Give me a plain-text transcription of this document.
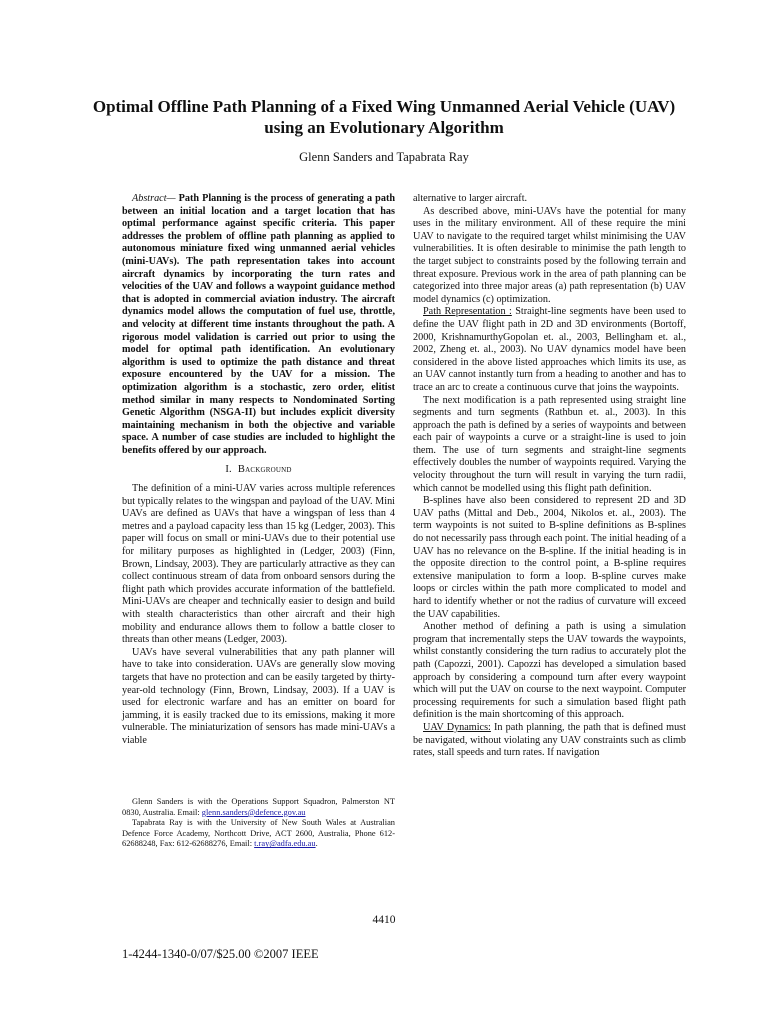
Optimal Offline Path Planning of a Fixed Wing Unmanned Aerial Vehicle (UAV) using an Evolutionary Algorithm
Glenn Sanders and Tapabrata Ray

Abstract— Path Planning is the process of generating a path between an initial location and a target location that has optimal performance against specific criteria. This paper addresses the problem of offline path planning as applied to autonomous miniature fixed wing unmanned aerial vehicles (mini-UAVs). The path representation takes into account aircraft dynamics by incorporating the turn rates and velocities of the UAV and follows a waypoint guidance method that is adopted in commercial aviation industry. The aircraft dynamics model allows the computation of fuel use, throttle, and velocity at different time instants throughout the path. A rigorous model validation is carried out prior to using the model for optimal path identification. An evolutionary algorithm is used to optimize the path distance and threat exposure encountered by the UAV for a mission. The optimization algorithm is a stochastic, zero order, elitist method similar in many respects to Nondominated Sorting Genetic Algorithm (NSGA-II) but includes explicit diversity maintaining mechanism in both the objective and variable space. A number of case studies are included to highlight the benefits offered by our approach.

I. Background

The definition of a mini-UAV varies across multiple references but typically relates to the wingspan and payload of the UAV. Mini UAVs are defined as UAVs that have a wingspan of less than 4 metres and a payload capacity less than 15 kg (Ledger, 2003). This paper will focus on small or mini-UAVs due to their potential use for military purposes as highlighted in (Ledger, 2003) (Finn, Brown, Lindsay, 2003). They are particularly attractive as they can collect continuous stream of data from onboard sensors during the flight path which provides accurate information of the battlefield. Mini-UAVs are cheaper and technically easier to design and build with stealth characteristics than other aircraft and their high mobility and endurance allows them to follow a battle closer to threats than other means (Ledger, 2003).

UAVs have several vulnerabilities that any path planner will have to take into consideration. UAVs are generally slow moving targets that have no protection and can be easily targeted by thirty-year-old technology (Finn, Brown, Lindsay, 2003). If a UAV is used for electronic warfare and has an emitter on board for jamming, it is easily tracked due to its emissions, making it more vulnerable. The miniaturization of sensors has made mini-UAVs a viable

Glenn Sanders is with the Operations Support Squadron, Palmerston NT 0830, Australia. Email: glenn.sanders@defence.gov.au

Tapabrata Ray is with the University of New South Wales at Australian Defence Force Academy, Northcott Drive, ACT 2600, Australia, Phone 612-62688248, Fax: 612-62688276, Email: t.ray@adfa.edu.au.

alternative to larger aircraft.

As described above, mini-UAVs have the potential for many uses in the military environment. All of these require the mini UAV to navigate to the required target whilst minimising the UAV vulnerabilities. It is often desirable to minimise the path length to the target subject to constraints posed by the following terrain and threat exposure. Previous work in the area of path planning can be categorized into three major areas (a) path representation (b) UAV model dynamics (c) optimization.

Path Representation : Straight-line segments have been used to define the UAV flight path in 2D and 3D environments (Bortoff, 2000, KrishnamurthyGopolan et. al., 2003, Bellingham et. al., 2002, Zheng et. al., 2003). No UAV dynamics model have been considered in the above listed approaches which limits its use, as an UAV cannot instantly turn from a heading to another and has to trace an arc to create a continuous curve that joins the waypoints.

The next modification is a path represented using straight line segments and turn segments (Rathbun et. al., 2003). In this approach the path is defined by a series of waypoints and between each pair of waypoints a curve or a straight-line is used to join them. The use of turn segments and straight-line segments effectively doubles the number of waypoints required. Varying the velocity throughout the turn will result in varying the turn radii, which cannot be modelled using this flight path definition.

B-splines have also been considered to represent 2D and 3D UAV paths (Mittal and Deb., 2004, Nikolos et. al., 2003). The term waypoints is not suited to B-spline definitions as B-splines do not necessarily pass through each point. The initial heading of a UAV has no relevance on the B-spline. If the initial heading is in the opposite direction to the control point, a B-spline requires extensive manipulation to form a loop. B-spline curves make loops or circles within the path more complicated to model and hard to identify whether or not the radius of curvature will exceed the UAV capabilities.

Another method of defining a path is using a simulation program that incrementally steps the UAV towards the waypoints, whilst constantly considering the turn radius to accurately plot the path (Capozzi, 2001). Capozzi has developed a simulation based approach by considering a compound turn after every waypoint which will put the UAV on course to the next waypoint. Computer processing requirements for such a simulation based flight path definition is the main shortcoming of this approach.

UAV Dynamics: In path planning, the path that is defined must be navigated, without violating any UAV constraints such as climb rates, stall speeds and turn rates. If navigation

4410
1-4244-1340-0/07/$25.00 ©2007 IEEE
